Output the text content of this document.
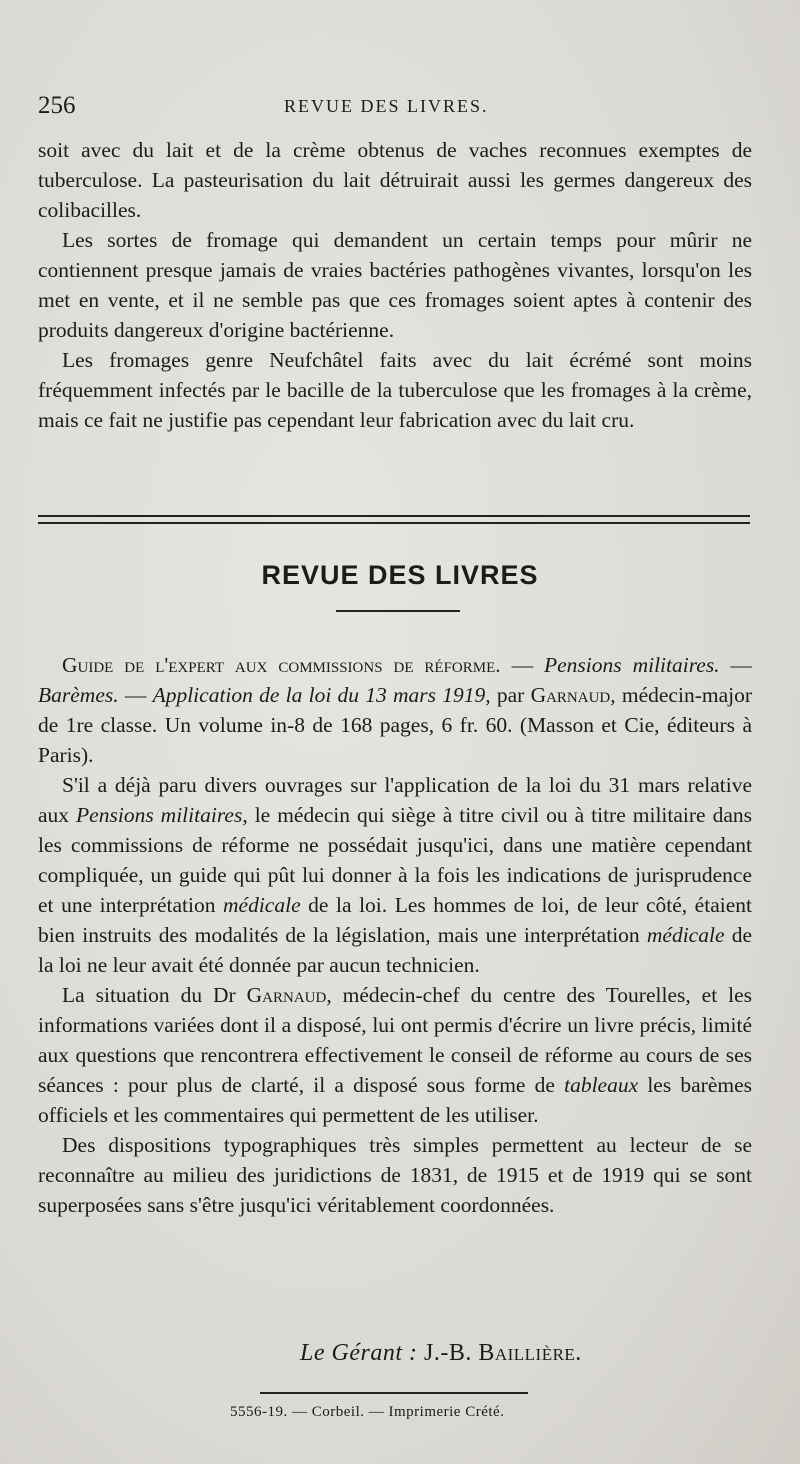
256	REVUE DES LIVRES.

soit avec du lait et de la crème obtenus de vaches reconnues exemptes de tuberculose. La pasteurisation du lait détruirait aussi les germes dangereux des colibacilles.

Les sortes de fromage qui demandent un certain temps pour mûrir ne contiennent presque jamais de vraies bactéries pathogènes vivantes, lorsqu'on les met en vente, et il ne semble pas que ces fromages soient aptes à contenir des produits dangereux d'origine bactérienne.

Les fromages genre Neufchâtel faits avec du lait écrémé sont moins fréquemment infectés par le bacille de la tuberculose que les fromages à la crème, mais ce fait ne justifie pas cependant leur fabrication avec du lait cru.

REVUE DES LIVRES

Guide de l'expert aux commissions de réforme. — Pensions militaires. — Barèmes. — Application de la loi du 13 mars 1919, par Garnaud, médecin-major de 1re classe. Un volume in-8 de 168 pages, 6 fr. 60. (Masson et Cie, éditeurs à Paris).

S'il a déjà paru divers ouvrages sur l'application de la loi du 31 mars relative aux Pensions militaires, le médecin qui siège à titre civil ou à titre militaire dans les commissions de réforme ne possédait jusqu'ici, dans une matière cependant compliquée, un guide qui pût lui donner à la fois les indications de jurisprudence et une interprétation médicale de la loi. Les hommes de loi, de leur côté, étaient bien instruits des modalités de la législation, mais une interprétation médicale de la loi ne leur avait été donnée par aucun technicien.

La situation du Dr Garnaud, médecin-chef du centre des Tourelles, et les informations variées dont il a disposé, lui ont permis d'écrire un livre précis, limité aux questions que rencontrera effectivement le conseil de réforme au cours de ses séances : pour plus de clarté, il a disposé sous forme de tableaux les barèmes officiels et les commentaires qui permettent de les utiliser.

Des dispositions typographiques très simples permettent au lecteur de se reconnaître au milieu des juridictions de 1831, de 1915 et de 1919 qui se sont superposées sans s'être jusqu'ici véritablement coordonnées.

Le Gérant : J.-B. Baillière.
5556-19. — Corbeil. — Imprimerie Crété.
